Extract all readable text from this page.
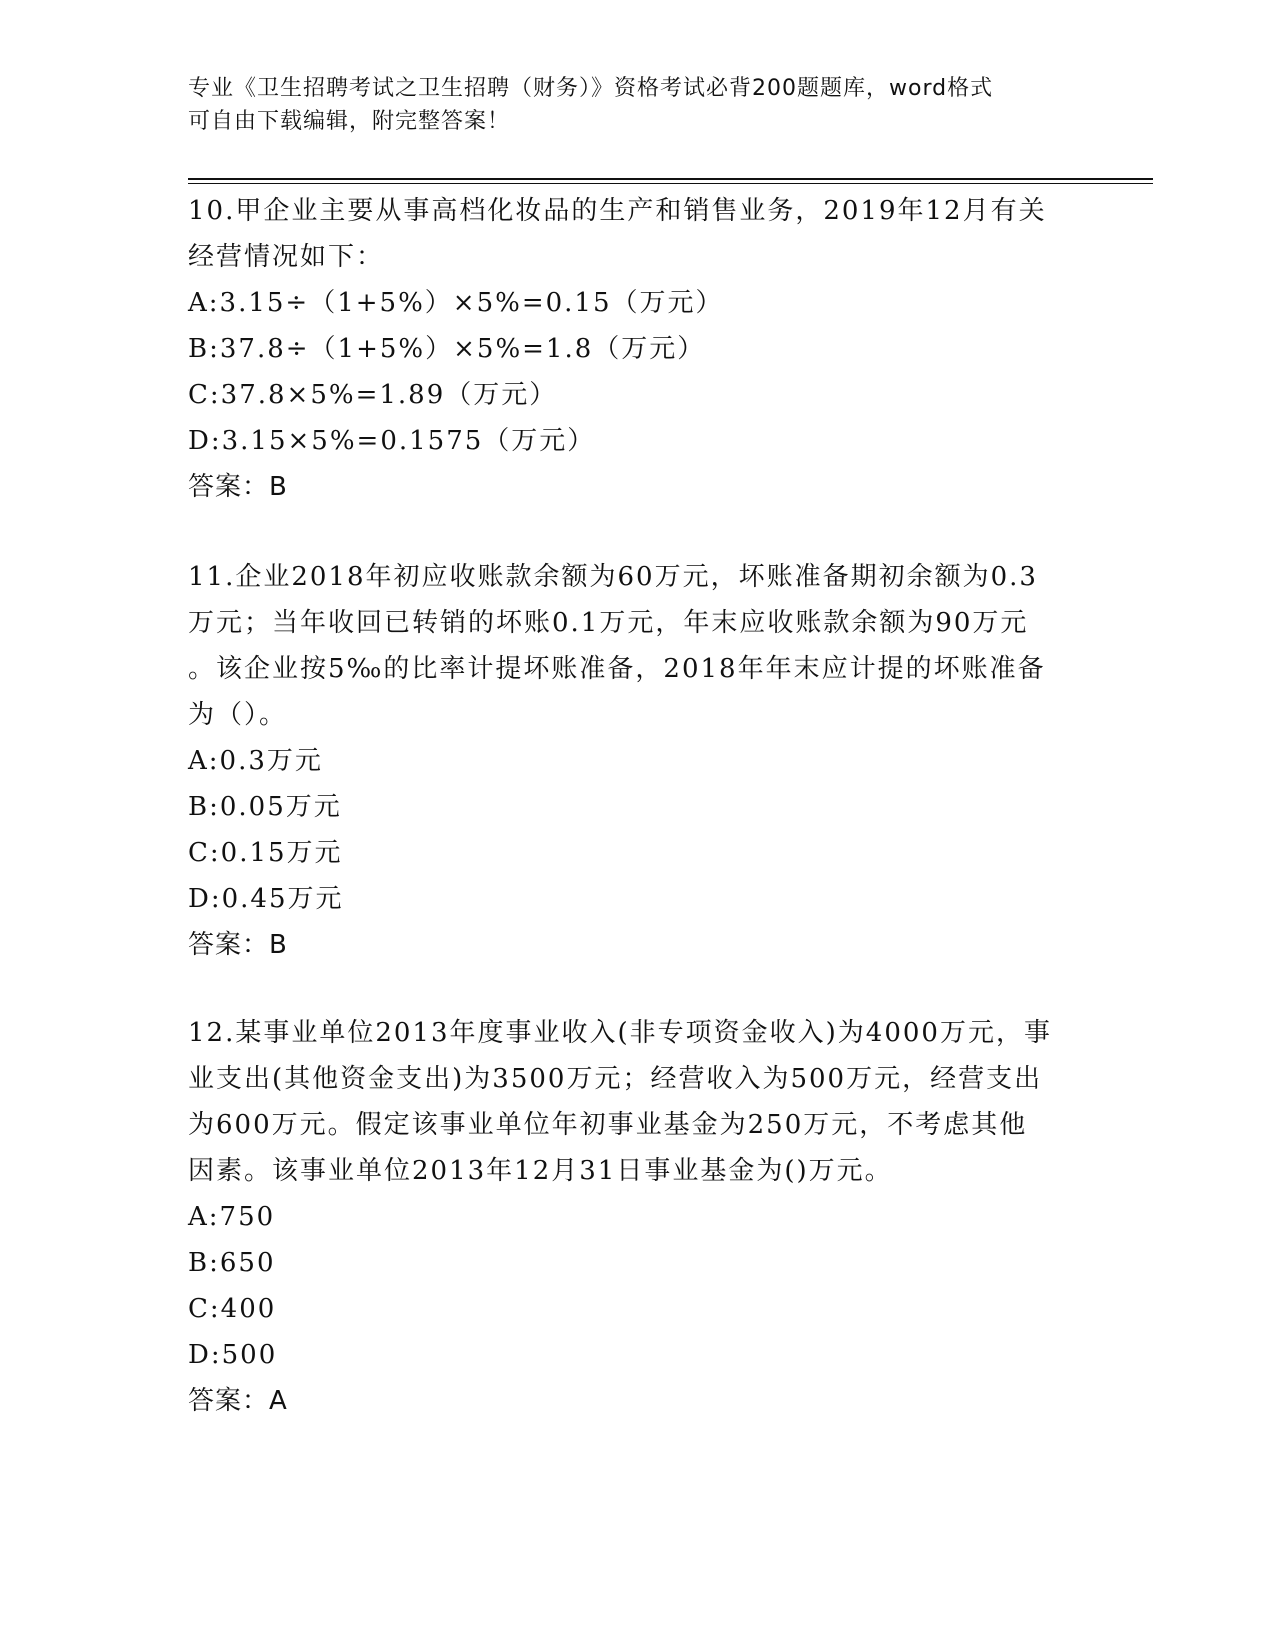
专业《卫生招聘考试之卫生招聘（财务）》资格考试必背200题题库，word格式
可自由下载编辑，附完整答案！
10.甲企业主要从事高档化妆品的生产和销售业务，2019年12月有关
经营情况如下：
A:3.15÷（1+5%）×5%=0.15（万元）
B:37.8÷（1+5%）×5%=1.8（万元）
C:37.8×5%=1.89（万元）
D:3.15×5%=0.1575（万元）
答案：B
11.企业2018年初应收账款余额为60万元，坏账准备期初余额为0.3
万元；当年收回已转销的坏账0.1万元，年末应收账款余额为90万元
。该企业按5‰的比率计提坏账准备，2018年年末应计提的坏账准备
为（）。
A:0.3万元
B:0.05万元
C:0.15万元
D:0.45万元
答案：B
12.某事业单位2013年度事业收入(非专项资金收入)为4000万元，事
业支出(其他资金支出)为3500万元；经营收入为500万元，经营支出
为600万元。假定该事业单位年初事业基金为250万元，不考虑其他
因素。该事业单位2013年12月31日事业基金为()万元。
A:750
B:650
C:400
D:500
答案：A
